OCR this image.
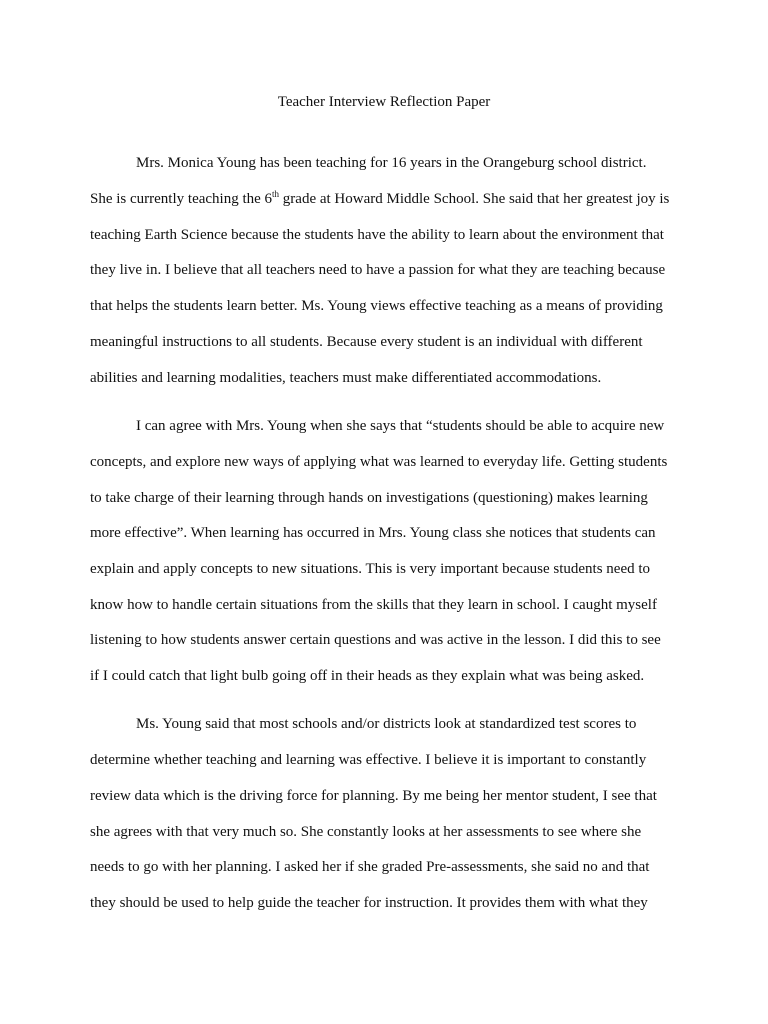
Teacher Interview Reflection Paper
Mrs. Monica Young has been teaching for 16 years in the Orangeburg school district.
She is currently teaching the 6th grade at Howard Middle School. She said that her greatest joy is
teaching Earth Science because the students have the ability to learn about the environment that
they live in. I believe that all teachers need to have a passion for what they are teaching because
that helps the students learn better. Ms. Young views effective teaching as a means of providing
meaningful instructions to all students. Because every student is an individual with different
abilities and learning modalities, teachers must make differentiated accommodations.
I can agree with Mrs. Young when she says that “students should be able to acquire new
concepts, and explore new ways of applying what was learned to everyday life. Getting students
to take charge of their learning through hands on investigations (questioning) makes learning
more effective”. When learning has occurred in Mrs. Young class she notices that students can
explain and apply concepts to new situations. This is very important because students need to
know how to handle certain situations from the skills that they learn in school. I caught myself
listening to how students answer certain questions and was active in the lesson. I did this to see
if I could catch that light bulb going off in their heads as they explain what was being asked.
Ms. Young said that most schools and/or districts look at standardized test scores to
determine whether teaching and learning was effective. I believe it is important to constantly
review data which is the driving force for planning. By me being her mentor student, I see that
she agrees with that very much so. She constantly looks at her assessments to see where she
needs to go with her planning. I asked her if she graded Pre-assessments, she said no and that
they should be used to help guide the teacher for instruction. It provides them with what they
